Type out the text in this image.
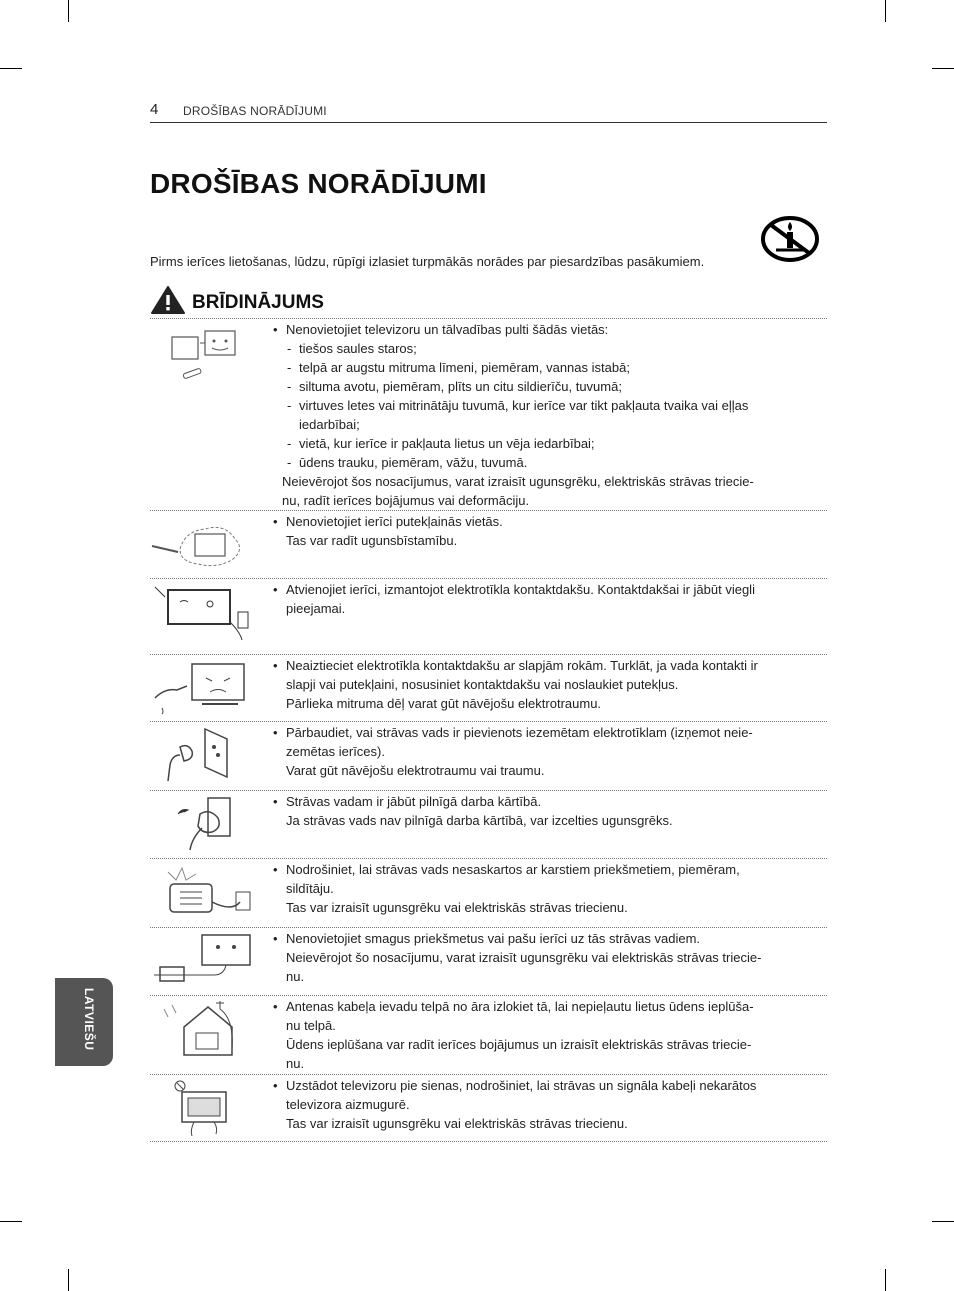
4 DROŠĪBAS NORĀDĪJUMI
DROŠĪBAS NORĀDĪJUMI
Pirms ierīces lietošanas, lūdzu, rūpīgi izlasiet turpmākās norādes par piesardzības pasākumiem.
BRĪDINĀJUMS
• Nenovietojiet televizoru un tālvadības pulti šādās vietās:
- tiešos saules staros;
- telpā ar augstu mitruma līmeni, piemēram, vannas istabā;
- siltuma avotu, piemēram, plīts un citu sildierīču, tuvumā;
- virtuves letes vai mitrinātāju tuvumā, kur ierīce var tikt pakļauta tvaika vai eļļas
iedarbībai;
- vietā, kur ierīce ir pakļauta lietus un vēja iedarbībai;
- ūdens trauku, piemēram, vāžu, tuvumā.
Neievērojot šos nosacījumus, varat izraisīt ugunsgrēku, elektriskās strāvas triecie-
nu, radīt ierīces bojājumus vai deformāciju.
• Nenovietojiet ierīci putekļainās vietās.
Tas var radīt ugunsbīstamību.
• Atvienojiet ierīci, izmantojot elektrotīkla kontaktdakšu. Kontaktdakšai ir jābūt viegli
pieejamai.
• Neaiztieciet elektrotīkla kontaktdakšu ar slapjām rokām. Turklāt, ja vada kontakti ir
slapji vai putekļaini, nosusiniet kontaktdakšu vai noslaukiet putekļus.
Pārlieka mitruma dēļ varat gūt nāvējošu elektrotraumu.
• Pārbaudiet, vai strāvas vads ir pievienots iezemētam elektrotīklam (izņemot neie-
zemētas ierīces).
Varat gūt nāvējošu elektrotraumu vai traumu.
• Strāvas vadam ir jābūt pilnīgā darba kārtībā.
Ja strāvas vads nav pilnīgā darba kārtībā, var izcelties ugunsgrēks.
• Nodrošiniet, lai strāvas vads nesaskartos ar karstiem priekšmetiem, piemēram,
sildītāju.
Tas var izraisīt ugunsgrēku vai elektriskās strāvas triecienu.
• Nenovietojiet smagus priekšmetus vai pašu ierīci uz tās strāvas vadiem.
Neievērojot šo nosacījumu, varat izraisīt ugunsgrēku vai elektriskās strāvas triecie-
nu.
• Antenas kabeļa ievadu telpā no āra izlokiet tā, lai nepieļautu lietus ūdens ieplūša-
nu telpā.
Ūdens ieplūšana var radīt ierīces bojājumus un izraisīt elektriskās strāvas triecie-
nu.
• Uzstādot televizoru pie sienas, nodrošiniet, lai strāvas un signāla kabeļi nekarātos
televizora aizmugurē.
Tas var izraisīt ugunsgrēku vai elektriskās strāvas triecienu.
LATVIEŠU
